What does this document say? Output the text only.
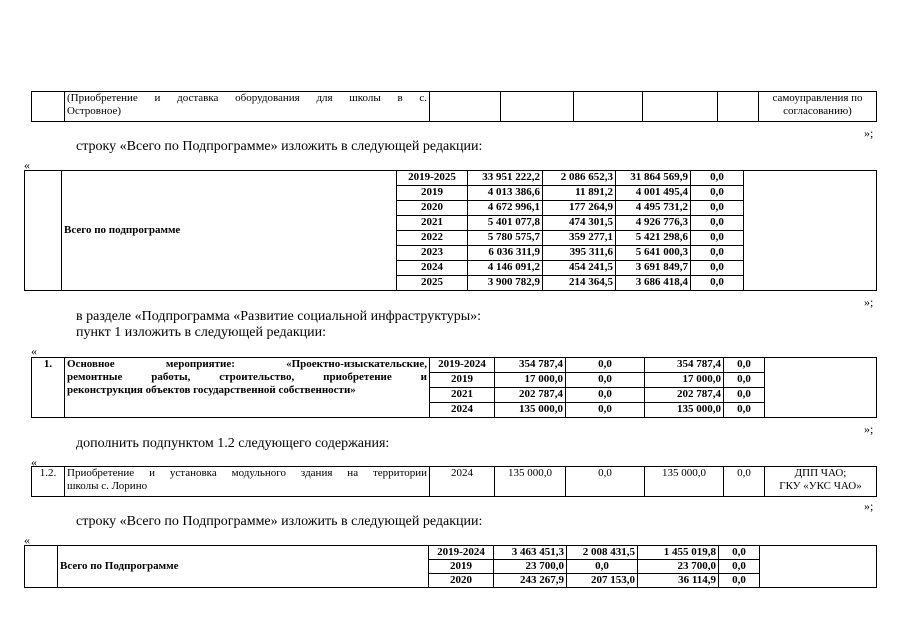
(Приобретение и доставка оборудования для школы в с.
Островное)

самоуправления по
согласованию)
»;
строку «Всего по Подпрограмме» изложить в следующей редакции:
«
	Всего по подпрограмме	2019-2025	33 951 222,2	2 086 652,3	31 864 569,9	0,0	
		2019	4 013 386,6	11 891,2	4 001 495,4	0,0	
		2020	4 672 996,1	177 264,9	4 495 731,2	0,0	
		2021	5 401 077,8	474 301,5	4 926 776,3	0,0	
		2022	5 780 575,7	359 277,1	5 421 298,6	0,0	
		2023	6 036 311,9	395 311,6	5 641 000,3	0,0	
		2024	4 146 091,2	454 241,5	3 691 849,7	0,0	
		2025	3 900 782,9	214 364,5	3 686 418,4	0,0	
»;
в разделе «Подпрограмма «Развитие социальной инфраструктуры»:
пункт 1 изложить в следующей редакции:
«
1.	Основное мероприятие: «Проектно-изыскательские,
ремонтные работы, строительство, приобретение и
реконструкция объектов государственной собственности»	2019-2024	354 787,4	0,0	354 787,4	0,0	
		2019	17 000,0	0,0	17 000,0	0,0	
		2021	202 787,4	0,0	202 787,4	0,0	
		2024	135 000,0	0,0	135 000,0	0,0	
»;
дополнить подпунктом 1.2 следующего содержания:
«
1.2.	Приобретение и установка модульного здания на территории
школы с. Лорино
	2024	135 000,0	0,0	135 000,0	0,0	ДПП ЧАО;
ГКУ «УКС ЧАО»
»;
строку «Всего по Подпрограмме» изложить в следующей редакции:
«
	Всего по Подпрограмме	2019-2024	3 463 451,3	2 008 431,5	1 455 019,8	0,0	
		2019	23 700,0	0,0	23 700,0	0,0	
		2020	243 267,9	207 153,0	36 114,9	0,0	
